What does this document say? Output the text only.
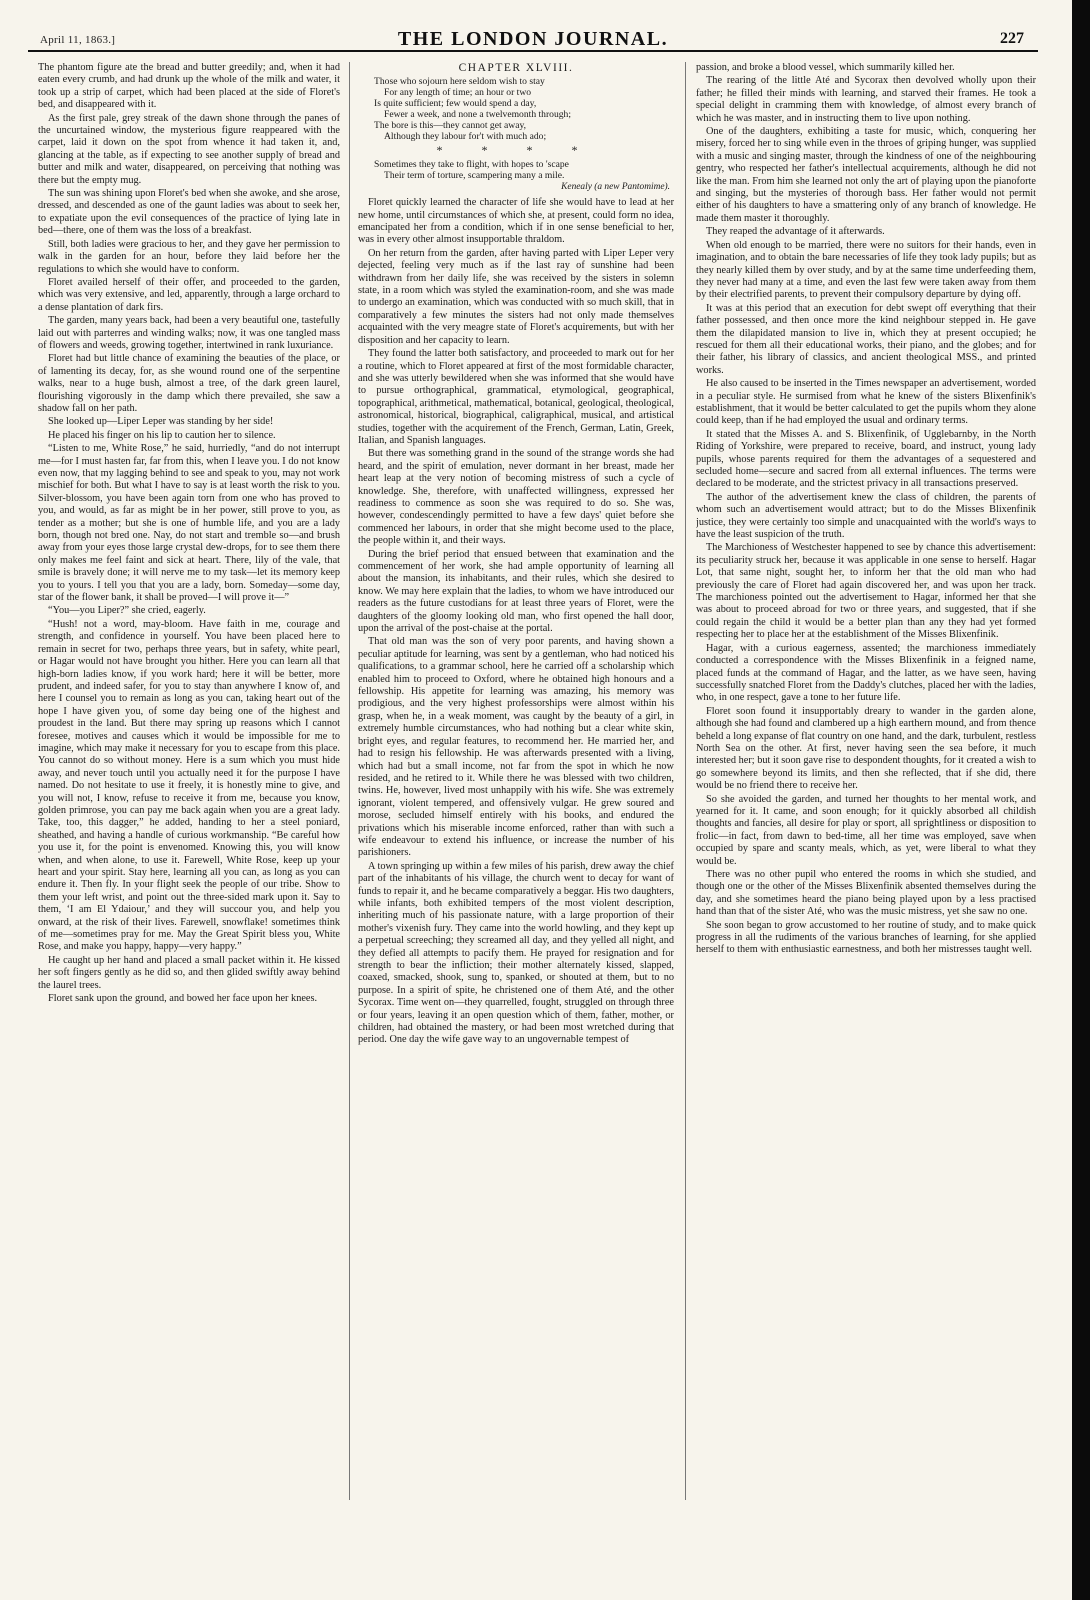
April 11, 1863.]	THE LONDON JOURNAL.	227

The phantom figure ate the bread and butter greedily; and, when it had eaten every crumb, and had drunk up the whole of the milk and water, it took up a strip of carpet, which had been placed at the side of Floret's bed, and disappeared with it.

As the first pale, grey streak of the dawn shone through the panes of the uncurtained window, the mysterious figure reappeared with the carpet, laid it down on the spot from whence it had taken it, and, glancing at the table, as if expecting to see another supply of bread and butter and milk and water, disappeared, on perceiving that nothing was there but the empty mug.

The sun was shining upon Floret's bed when she awoke, and she arose, dressed, and descended as one of the gaunt ladies was about to seek her, to expatiate upon the evil consequences of the practice of lying late in bed—there, one of them was the loss of a breakfast.

Still, both ladies were gracious to her, and they gave her permission to walk in the garden for an hour, before they laid before her the regulations to which she would have to conform.

Floret availed herself of their offer, and proceeded to the garden, which was very extensive, and led, apparently, through a large orchard to a dense plantation of dark firs.

The garden, many years back, had been a very beautiful one, tastefully laid out with parterres and winding walks; now, it was one tangled mass of flowers and weeds, growing together, intertwined in rank luxuriance.

Floret had but little chance of examining the beauties of the place, or of lamenting its decay, for, as she wound round one of the serpentine walks, near to a huge bush, almost a tree, of the dark green laurel, flourishing vigorously in the damp which there prevailed, she saw a shadow fall on her path.

She looked up—Liper Leper was standing by her side!

He placed his finger on his lip to caution her to silence.

“Listen to me, White Rose,” he said, hurriedly, “and do not interrupt me—for I must hasten far, far from this, when I leave you. I do not know even now, that my lagging behind to see and speak to you, may not work mischief for both. But what I have to say is at least worth the risk to you. Silver-blossom, you have been again torn from one who has proved to you, and would, as far as might be in her power, still prove to you, as tender as a mother; but she is one of humble life, and you are a lady born, though not bred one. Nay, do not start and tremble so—and brush away from your eyes those large crystal dew-drops, for to see them there only makes me feel faint and sick at heart. There, lily of the vale, that smile is bravely done; it will nerve me to my task—let its memory keep you to yours. I tell you that you are a lady, born. Someday—some day, star of the flower bank, it shall be proved—I will prove it—”

“You—you Liper?” she cried, eagerly.

“Hush! not a word, may-bloom. Have faith in me, courage and strength, and confidence in yourself. You have been placed here to remain in secret for two, perhaps three years, but in safety, white pearl, or Hagar would not have brought you hither. Here you can learn all that high-born ladies know, if you work hard; here it will be better, more prudent, and indeed safer, for you to stay than anywhere I know of, and here I counsel you to remain as long as you can, taking heart out of the hope I have given you, of some day being one of the highest and proudest in the land. But there may spring up reasons which I cannot foresee, motives and causes which it would be impossible for me to imagine, which may make it necessary for you to escape from this place. You cannot do so without money. Here is a sum which you must hide away, and never touch until you actually need it for the purpose I have named. Do not hesitate to use it freely, it is honestly mine to give, and you will not, I know, refuse to receive it from me, because you know, golden primrose, you can pay me back again when you are a great lady. Take, too, this dagger,” he added, handing to her a steel poniard, sheathed, and having a handle of curious workmanship. “Be careful how you use it, for the point is envenomed. Knowing this, you will know when, and when alone, to use it. Farewell, White Rose, keep up your heart and your spirit. Stay here, learning all you can, as long as you can endure it. Then fly. In your flight seek the people of our tribe. Show to them your left wrist, and point out the three-sided mark upon it. Say to them, ‘I am El Ydaiour,’ and they will succour you, and help you onward, at the risk of their lives. Farewell, snowflake! sometimes think of me—sometimes pray for me. May the Great Spirit bless you, White Rose, and make you happy, happy—very happy.”

He caught up her hand and placed a small packet within it. He kissed her soft fingers gently as he did so, and then glided swiftly away behind the laurel trees.

Floret sank upon the ground, and bowed her face upon her knees.

CHAPTER XLVIII.
Those who sojourn here seldom wish to stay
For any length of time; an hour or two
Is quite sufficient; few would spend a day,
Fewer a week, and none a twelvemonth through;
The bore is this—they cannot get away,
Although they labour for't with much ado;
* * * *
Sometimes they take to flight, with hopes to 'scape
Their term of torture, scampering many a mile.
Kenealy (a new Pantomime).

Floret quickly learned the character of life she would have to lead at her new home, until circumstances of which she, at present, could form no idea, emancipated her from a condition, which if in one sense beneficial to her, was in every other almost insupportable thraldom.

On her return from the garden, after having parted with Liper Leper very dejected, feeling very much as if the last ray of sunshine had been withdrawn from her daily life, she was received by the sisters in solemn state, in a room which was styled the examination-room, and she was made to undergo an examination, which was conducted with so much skill, that in comparatively a few minutes the sisters had not only made themselves acquainted with the very meagre state of Floret's acquirements, but with her disposition and her capacity to learn.

They found the latter both satisfactory, and proceeded to mark out for her a routine, which to Floret appeared at first of the most formidable character, and she was utterly bewildered when she was informed that she would have to pursue orthographical, grammatical, etymological, geographical, topographical, arithmetical, mathematical, botanical, geological, theological, astronomical, historical, biographical, caligraphical, musical, and artistical studies, together with the acquirement of the French, German, Latin, Greek, Italian, and Spanish languages.

But there was something grand in the sound of the strange words she had heard, and the spirit of emulation, never dormant in her breast, made her heart leap at the very notion of becoming mistress of such a cycle of knowledge. She, therefore, with unaffected willingness, expressed her readiness to commence as soon she was required to do so. She was, however, condescendingly permitted to have a few days' quiet before she commenced her labours, in order that she might become used to the place, the people within it, and their ways.

During the brief period that ensued between that examination and the commencement of her work, she had ample opportunity of learning all about the mansion, its inhabitants, and their rules, which she desired to know. We may here explain that the ladies, to whom we have introduced our readers as the future custodians for at least three years of Floret, were the daughters of the gloomy looking old man, who first opened the hall door, upon the arrival of the post-chaise at the portal.

That old man was the son of very poor parents, and having shown a peculiar aptitude for learning, was sent by a gentleman, who had noticed his qualifications, to a grammar school, here he carried off a scholarship which enabled him to proceed to Oxford, where he obtained high honours and a fellowship. His appetite for learning was amazing, his memory was prodigious, and the very highest professorships were almost within his grasp, when he, in a weak moment, was caught by the beauty of a girl, in extremely humble circumstances, who had nothing but a clear white skin, bright eyes, and regular features, to recommend her. He married her, and had to resign his fellowship. He was afterwards presented with a living, which had but a small income, not far from the spot in which he now resided, and he retired to it. While there he was blessed with two children, twins. He, however, lived most unhappily with his wife. She was extremely ignorant, violent tempered, and offensively vulgar. He grew soured and morose, secluded himself entirely with his books, and endured the privations which his miserable income enforced, rather than with such a wife endeavour to extend his influence, or increase the number of his parishioners.

A town springing up within a few miles of his parish, drew away the chief part of the inhabitants of his village, the church went to decay for want of funds to repair it, and he became comparatively a beggar. His two daughters, while infants, both exhibited tempers of the most violent description, inheriting much of his passionate nature, with a large proportion of their mother's vixenish fury. They came into the world howling, and they kept up a perpetual screeching; they screamed all day, and they yelled all night, and they defied all attempts to pacify them. He prayed for resignation and for strength to bear the infliction; their mother alternately kissed, slapped, coaxed, smacked, shook, sung to, spanked, or shouted at them, but to no purpose. In a spirit of spite, he christened one of them Até, and the other Sycorax. Time went on—they quarrelled, fought, struggled on through three or four years, leaving it an open question which of them, father, mother, or children, had obtained the mastery, or had been most wretched during that period. One day the wife gave way to an ungovernable tempest of

passion, and broke a blood vessel, which summarily killed her.

The rearing of the little Até and Sycorax then devolved wholly upon their father; he filled their minds with learning, and starved their frames. He took a special delight in cramming them with knowledge, of almost every branch of which he was master, and in instructing them to live upon nothing.

One of the daughters, exhibiting a taste for music, which, conquering her misery, forced her to sing while even in the throes of griping hunger, was supplied with a music and singing master, through the kindness of one of the neighbouring gentry, who respected her father's intellectual acquirements, although he did not like the man. From him she learned not only the art of playing upon the pianoforte and singing, but the mysteries of thorough bass. Her father would not permit either of his daughters to have a smattering only of any branch of knowledge. He made them master it thoroughly.

They reaped the advantage of it afterwards.

When old enough to be married, there were no suitors for their hands, even in imagination, and to obtain the bare necessaries of life they took lady pupils; but as they nearly killed them by over study, and by at the same time underfeeding them, they never had many at a time, and even the last few were taken away from them by their electrified parents, to prevent their compulsory departure by dying off.

It was at this period that an execution for debt swept off everything that their father possessed, and then once more the kind neighbour stepped in. He gave them the dilapidated mansion to live in, which they at present occupied; he rescued for them all their educational works, their piano, and the globes; and for their father, his library of classics, and ancient theological MSS., and printed works.

He also caused to be inserted in the Times newspaper an advertisement, worded in a peculiar style. He surmised from what he knew of the sisters Blixenfinik's establishment, that it would be better calculated to get the pupils whom they alone could keep, than if he had employed the usual and ordinary terms.

It stated that the Misses A. and S. Blixenfinik, of Ugglebarnby, in the North Riding of Yorkshire, were prepared to receive, board, and instruct, young lady pupils, whose parents required for them the advantages of a sequestered and secluded home—secure and sacred from all external influences. The terms were declared to be moderate, and the strictest privacy in all transactions preserved.

The author of the advertisement knew the class of children, the parents of whom such an advertisement would attract; but to do the Misses Blixenfinik justice, they were certainly too simple and unacquainted with the world's ways to have the least suspicion of the truth.

The Marchioness of Westchester happened to see by chance this advertisement: its peculiarity struck her, because it was applicable in one sense to herself. Hagar Lot, that same night, sought her, to inform her that the old man who had previously the care of Floret had again discovered her, and was upon her track. The marchioness pointed out the advertisement to Hagar, informed her that she was about to proceed abroad for two or three years, and suggested, that if she could regain the child it would be a better plan than any they had yet formed respecting her to place her at the establishment of the Misses Blixenfinik.

Hagar, with a curious eagerness, assented; the marchioness immediately conducted a correspondence with the Misses Blixenfinik in a feigned name, placed funds at the command of Hagar, and the latter, as we have seen, having successfully snatched Floret from the Daddy's clutches, placed her with the ladies, who, in one respect, gave a tone to her future life.

Floret soon found it insupportably dreary to wander in the garden alone, although she had found and clambered up a high earthern mound, and from thence beheld a long expanse of flat country on one hand, and the dark, turbulent, restless North Sea on the other. At first, never having seen the sea before, it much interested her; but it soon gave rise to despondent thoughts, for it created a wish to go somewhere beyond its limits, and then she reflected, that if she did, there would be no friend there to receive her.

So she avoided the garden, and turned her thoughts to her mental work, and yearned for it. It came, and soon enough; for it quickly absorbed all childish thoughts and fancies, all desire for play or sport, all sprightliness or disposition to frolic—in fact, from dawn to bed-time, all her time was employed, save when occupied by spare and scanty meals, which, as yet, were liberal to what they would be.

There was no other pupil who entered the rooms in which she studied, and though one or the other of the Misses Blixenfinik absented themselves during the day, and she sometimes heard the piano being played upon by a less practised hand than that of the sister Até, who was the music mistress, yet she saw no one.

She soon began to grow accustomed to her routine of study, and to make quick progress in all the rudiments of the various branches of learning, for she applied herself to them with enthusiastic earnestness, and both her mistresses taught well.
